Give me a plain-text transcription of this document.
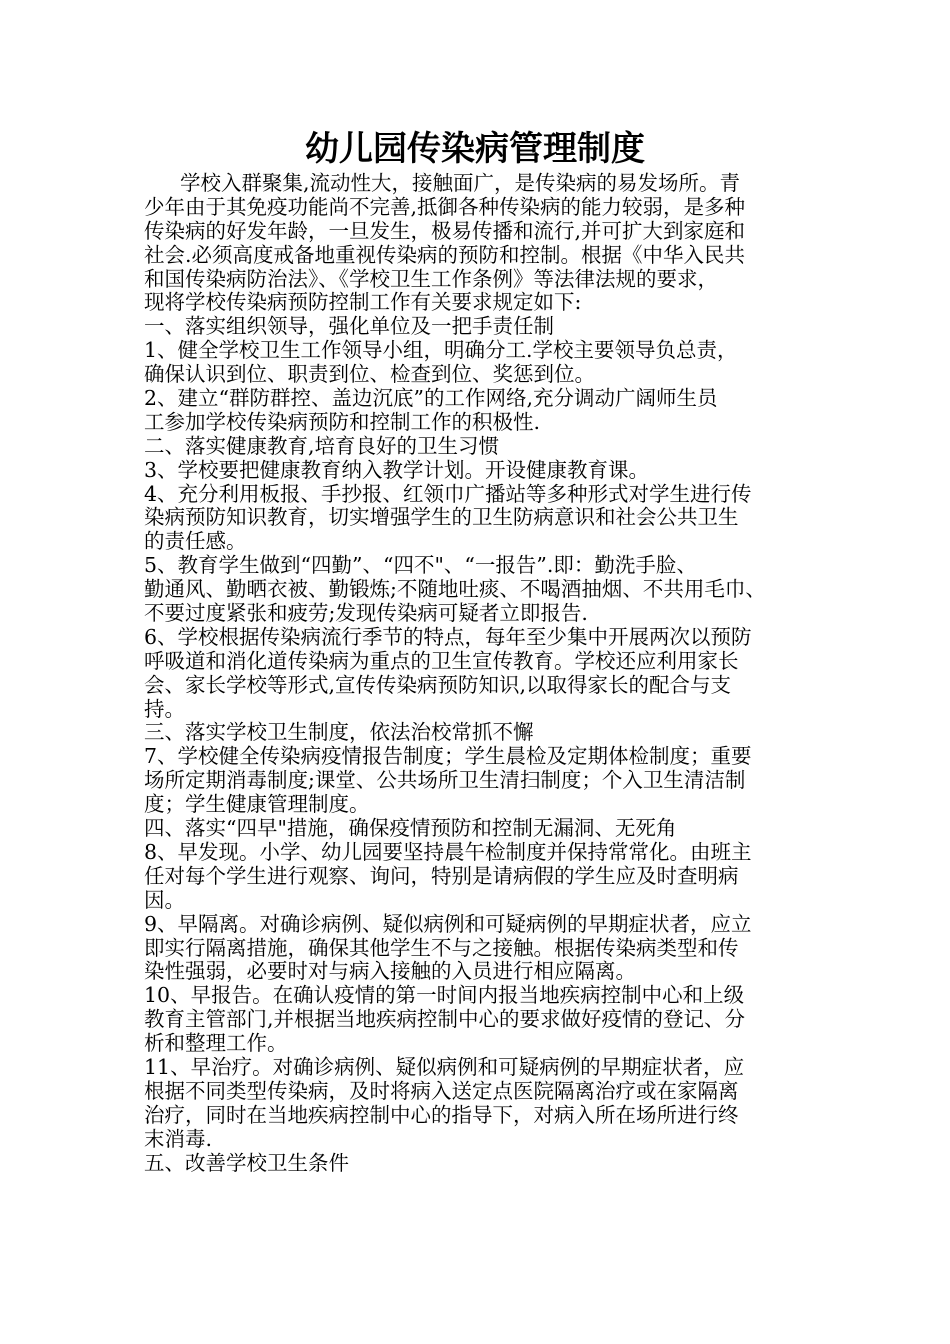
幼儿园传染病管理制度
学校入群聚集,流动性大，接触面广，是传染病的易发场所。青
少年由于其免疫功能尚不完善,抵御各种传染病的能力较弱，是多种
传染病的好发年龄，一旦发生，极易传播和流行,并可扩大到家庭和
社会.必须高度戒备地重视传染病的预防和控制。根据《中华入民共
和国传染病防治法》、《学校卫生工作条例》等法律法规的要求，
现将学校传染病预防控制工作有关要求规定如下:
一、落实组织领导，强化单位及一把手责任制
1、健全学校卫生工作领导小组，明确分工.学校主要领导负总责，
确保认识到位、职责到位、检查到位、奖惩到位。
2、建立“群防群控、盖边沉底”的工作网络,充分调动广阔师生员
工参加学校传染病预防和控制工作的积极性.
二、落实健康教育,培育良好的卫生习惯
3、学校要把健康教育纳入教学计划。开设健康教育课。
4、充分利用板报、手抄报、红领巾广播站等多种形式对学生进行传
染病预防知识教育，切实增强学生的卫生防病意识和社会公共卫生
的责任感。
5、教育学生做到“四勤”、“四不"、“一报告”.即：勤洗手脸、
勤通风、勤晒衣被、勤锻炼;不随地吐痰、不喝酒抽烟、不共用毛巾、
不要过度紧张和疲劳;发现传染病可疑者立即报告.
6、学校根据传染病流行季节的特点，每年至少集中开展两次以预防
呼吸道和消化道传染病为重点的卫生宣传教育。学校还应利用家长
会、家长学校等形式,宣传传染病预防知识,以取得家长的配合与支
持。
三、落实学校卫生制度，依法治校常抓不懈
7、学校健全传染病疫情报告制度；学生晨检及定期体检制度；重要
场所定期消毒制度;课堂、公共场所卫生清扫制度；个入卫生清洁制
度；学生健康管理制度。
四、落实“四早"措施，确保疫情预防和控制无漏洞、无死角
8、早发现。小学、幼儿园要坚持晨午检制度并保持常常化。由班主
任对每个学生进行观察、询问，特别是请病假的学生应及时查明病
因。
9、早隔离。对确诊病例、疑似病例和可疑病例的早期症状者，应立
即实行隔离措施，确保其他学生不与之接触。根据传染病类型和传
染性强弱，必要时对与病入接触的入员进行相应隔离。
10、早报告。在确认疫情的第一时间内报当地疾病控制中心和上级
教育主管部门,并根据当地疾病控制中心的要求做好疫情的登记、分
析和整理工作。
11、早治疗。对确诊病例、疑似病例和可疑病例的早期症状者，应
根据不同类型传染病，及时将病入送定点医院隔离治疗或在家隔离
治疗，同时在当地疾病控制中心的指导下，对病入所在场所进行终
末消毒.
五、改善学校卫生条件
